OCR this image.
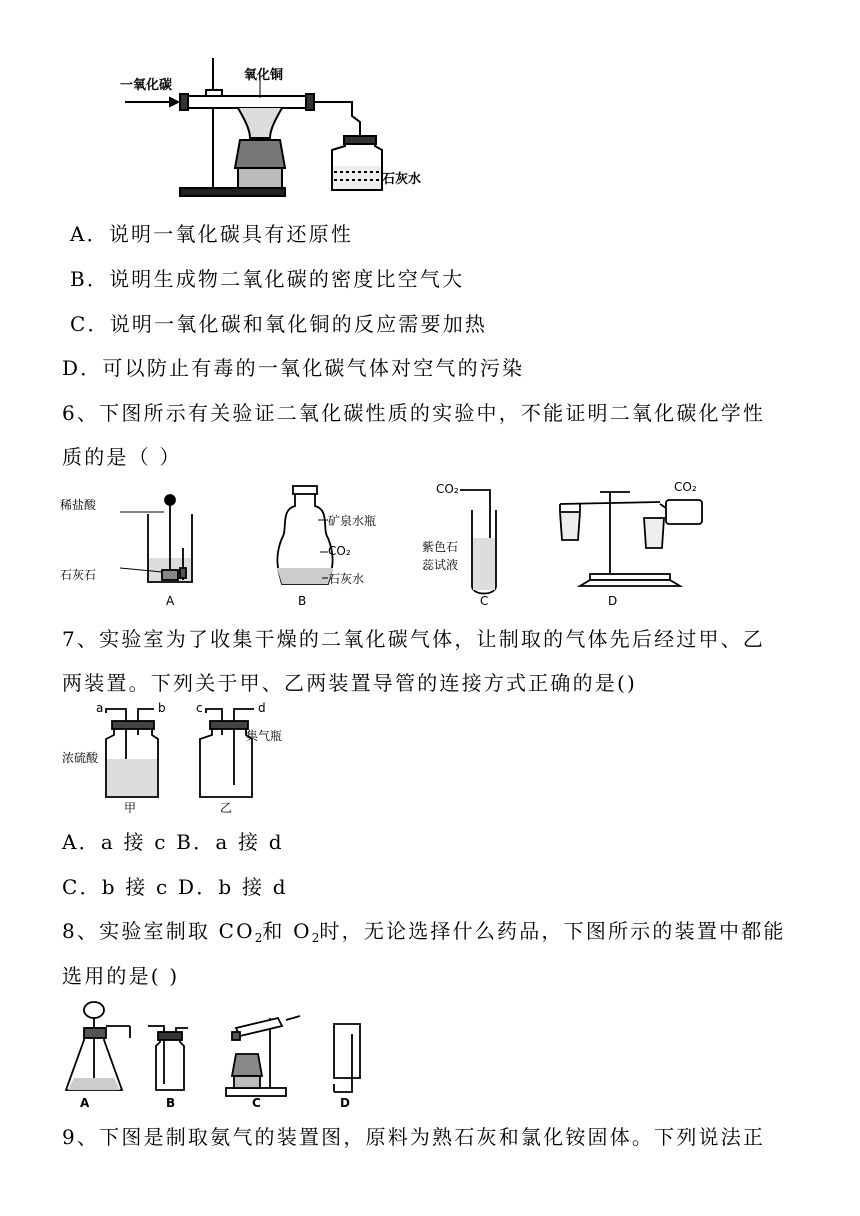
一氧化碳
氧化铜
石灰水
A．说明一氧化碳具有还原性
B．说明生成物二氧化碳的密度比空气大
C．说明一氧化碳和氧化铜的反应需要加热
D．可以防止有毒的一氧化碳气体对空气的污染
6、下图所示有关验证二氧化碳性质的实验中，不能证明二氧化碳化学性
质的是（ ）
稀盐酸
石灰石
矿泉水瓶
CO₂
石灰水
CO₂
紫色石
蕊试液
CO₂
A	B	C	D
7、实验室为了收集干燥的二氧化碳气体，让制取的气体先后经过甲、乙
两装置。下列关于甲、乙两装置导管的连接方式正确的是()
a	b	c	d
浓硫酸
集气瓶
甲	乙
A．a 接 c B．a 接 d
C．b 接 c D．b 接 d
8、实验室制取 $CO_2$和 $O_2$时，无论选择什么药品，下图所示的装置中都能
选用的是( )
A	B	C	D
9、下图是制取氨气的装置图，原料为熟石灰和氯化铵固体。下列说法正
